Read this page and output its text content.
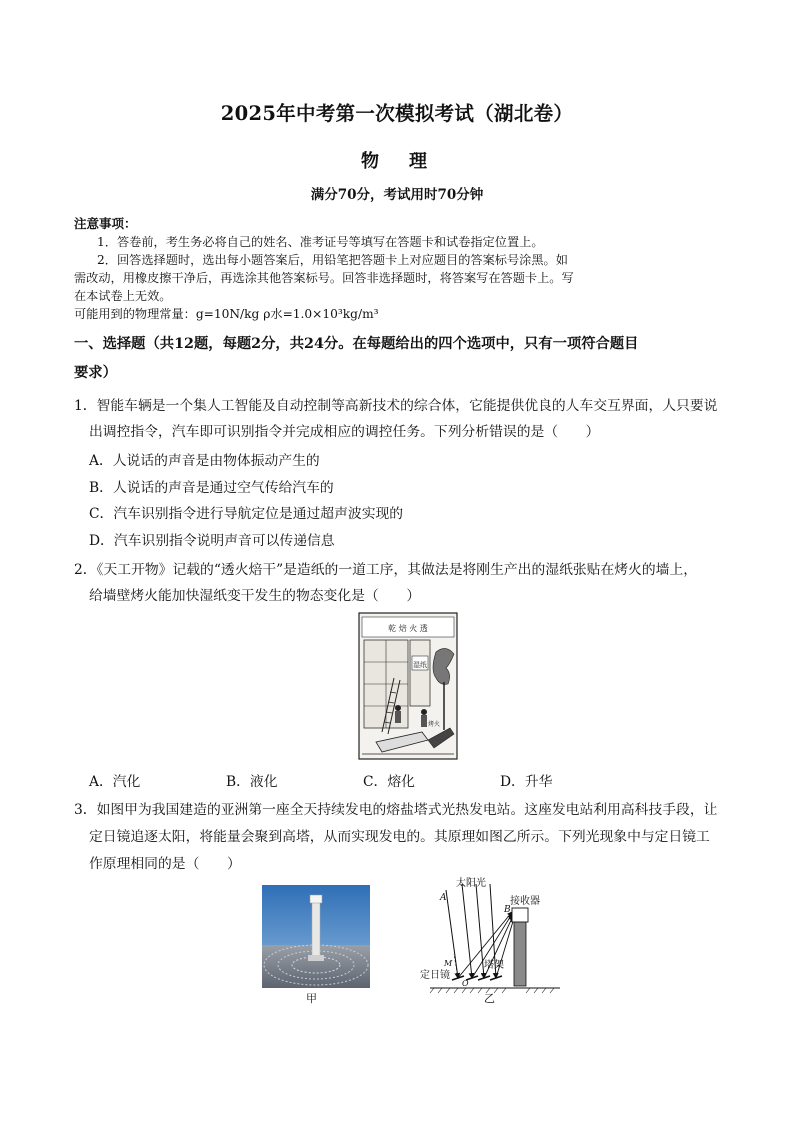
2025年中考第一次模拟考试（湖北卷）
物　理
满分70分，考试用时70分钟
注意事项：
1．答卷前，考生务必将自己的姓名、准考证号等填写在答题卡和试卷指定位置上。
2．回答选择题时，选出每小题答案后，用铅笔把答题卡上对应题目的答案标号涂黑。如
需改动，用橡皮擦干净后，再选涂其他答案标号。回答非选择题时，将答案写在答题卡上。写
在本试卷上无效。
可能用到的物理常量：g=10N/kg ρ水=1.0×10³kg/m³
一、选择题（共12题，每题2分，共24分。在每题给出的四个选项中，只有一项符合题目
要求）
1．智能车辆是一个集人工智能及自动控制等高新技术的综合体，它能提供优良的人车交互界面，人只要说
出调控指令，汽车即可识别指令并完成相应的调控任务。下列分析错误的是（　　）
A．人说话的声音是由物体振动产生的
B．人说话的声音是通过空气传给汽车的
C．汽车识别指令进行导航定位是通过超声波实现的
D．汽车识别指令说明声音可以传递信息
2．《天工开物》记载的“透火焙干”是造纸的一道工序，其做法是将刚生产出的湿纸张贴在烤火的墙上，
给墙壁烤火能加快湿纸变干发生的物态变化是（　　）
乾 焙 火 透
湿纸
烤火
A．汽化	B．液化	C．熔化	D．升华
3．如图甲为我国建造的亚洲第一座全天持续发电的熔盐塔式光热发电站。这座发电站利用高科技手段，让
定日镜追逐太阳，将能量会聚到高塔，从而实现发电的。其原理如图乙所示。下列光现象中与定日镜工
作原理相同的是（　　）
甲
太阳光
接收器
A
B
M
O
定日镜
塔架
乙
